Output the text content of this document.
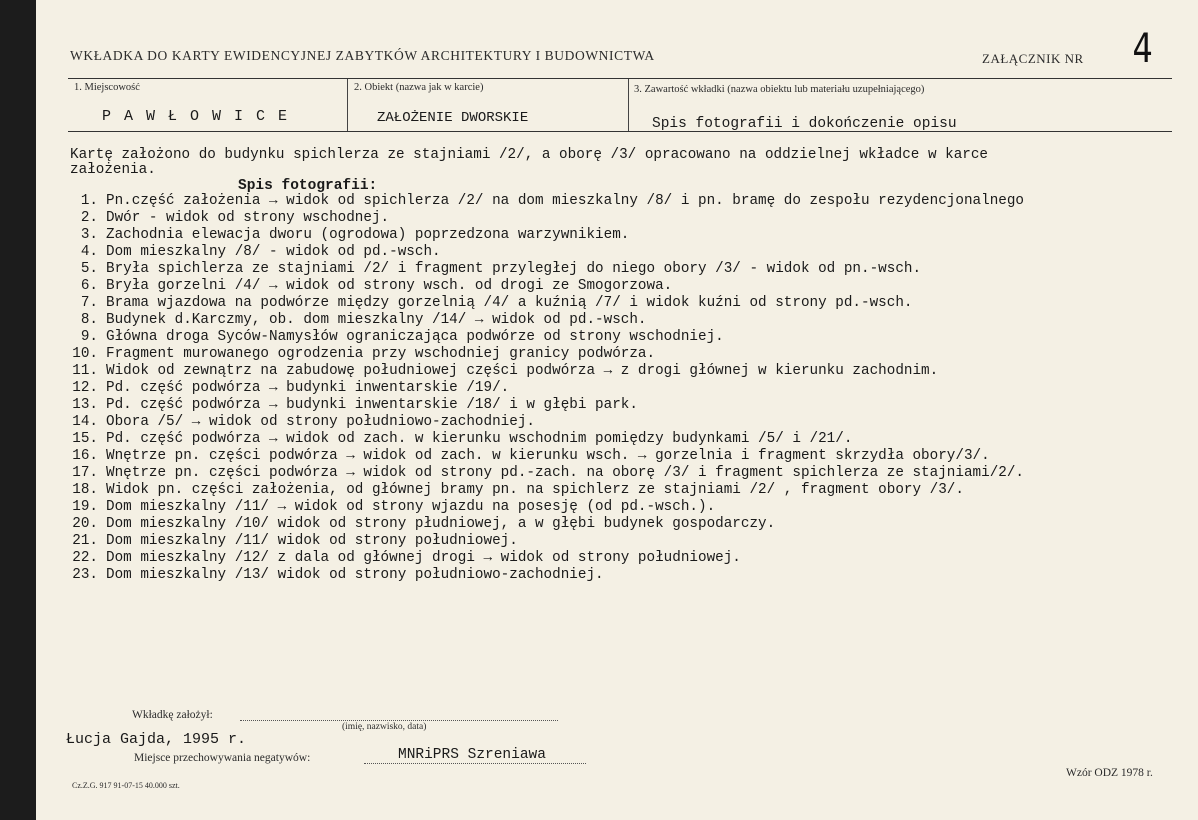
WKŁADKA DO KARTY EWIDENCYJNEJ ZABYTKÓW ARCHITEKTURY I BUDOWNICTWA	ZAŁĄCZNIK NR 4
1. Miejscowość
P A W Ł O W I C E
2. Obiekt (nazwa jak w karcie)
ZAŁOŻENIE DWORSKIE
3. Zawartość wkładki (nazwa obiektu lub materiału uzupełniającego)
Spis fotografii i dokończenie opisu
Kartę założono do budynku spichlerza ze stajniami /2/, a oborę /3/ opracowano na oddzielnej wkładce w karce
założenia.
Spis fotografii:
1. Pn.część założenia → widok od spichlerza /2/ na dom mieszkalny /8/ i pn. bramę do zespołu rezydencjonalnego
2. Dwór - widok od strony wschodnej.
3. Zachodnia elewacja dworu (ogrodowa) poprzedzona warzywnikiem.
4. Dom mieszkalny /8/ - widok od pd.-wsch.
5. Bryła spichlerza ze stajniami /2/ i fragment przyległej do niego obory /3/ - widok od pn.-wsch.
6. Bryła gorzelni /4/ → widok od strony wsch. od drogi ze Smogorzowa.
7. Brama wjazdowa na podwórze między gorzelnią /4/ a kuźnią /7/ i widok kuźni od strony pd.-wsch.
8. Budynek d.Karczmy, ob. dom mieszkalny /14/ → widok od pd.-wsch.
9. Główna droga Syców-Namysłów ograniczająca podwórze od strony wschodniej.
10. Fragment murowanego ogrodzenia przy wschodniej granicy podwórza.
11. Widok od zewnątrz na zabudowę południowej części podwórza → z drogi głównej w kierunku zachodnim.
12. Pd. część podwórza → budynki inwentarskie /19/.
13. Pd. część podwórza → budynki inwentarskie /18/ i w głębi park.
14. Obora /5/ → widok od strony południowo-zachodniej.
15. Pd. część podwórza → widok od zach. w kierunku wschodnim pomiędzy budynkami /5/ i /21/.
16. Wnętrze pn. części podwórza → widok od zach. w kierunku wsch. → gorzelnia i fragment skrzydła obory/3/.
17. Wnętrze pn. części podwórza → widok od strony pd.-zach. na oborę /3/ i fragment spichlerza ze stajniami/2/.
18. Widok pn. części założenia, od głównej bramy pn. na spichlerz ze stajniami /2/ , fragment obory /3/.
19. Dom mieszkalny /11/ → widok od strony wjazdu na posesję (od pd.-wsch.).
20. Dom mieszkalny /10/ widok od strony płudniowej, a w głębi budynek gospodarczy.
21. Dom mieszkalny /11/ widok od strony południowej.
22. Dom mieszkalny /12/ z dala od głównej drogi → widok od strony południowej.
23. Dom mieszkalny /13/ widok od strony południowo-zachodniej.
Wkładkę założył:
(imię, nazwisko, data)
Łucja Gajda, 1995 r.
Miejsce przechowywania negatywów:	MNRiPRS Szreniawa
Wzór ODZ 1978 r.
Cz.Z.G. 917 91-07-15 40.000 szt.
